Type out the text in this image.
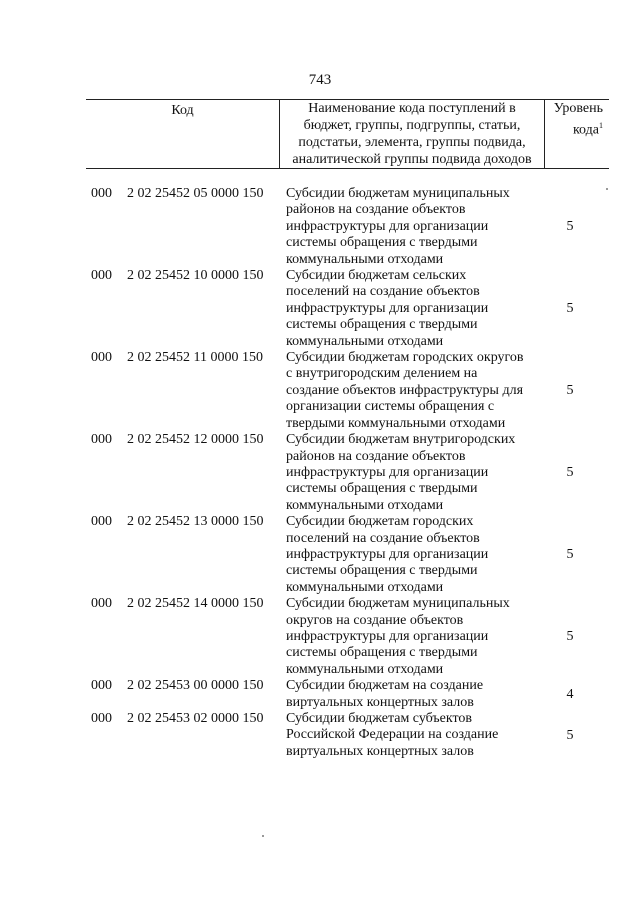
743
Код	Наименование кода поступлений в
бюджет, группы, подгруппы, статьи,
подстатьи, элемента, группы подвида,
аналитической группы подвида доходов
Уровень
кода$^1$
000 2 02 25452 05 0000 150 Субсидии бюджетам муниципальных
районов на создание объектов
инфраструктуры для организации
системы обращения с твердыми
коммунальными отходами
5
000 2 02 25452 10 0000 150 Субсидии бюджетам сельских
поселений на создание объектов
инфраструктуры для организации
системы обращения с твердыми
коммунальными отходами
5
000 2 02 25452 11 0000 150 Субсидии бюджетам городских округов
с внутригородским делением на
создание объектов инфраструктуры для
организации системы обращения с
твердыми коммунальными отходами
5
000 2 02 25452 12 0000 150 Субсидии бюджетам внутригородских
районов на создание объектов
инфраструктуры для организации
системы обращения с твердыми
коммунальными отходами
5
000 2 02 25452 13 0000 150 Субсидии бюджетам городских
поселений на создание объектов
инфраструктуры для организации
системы обращения с твердыми
коммунальными отходами
5
000 2 02 25452 14 0000 150 Субсидии бюджетам муниципальных
округов на создание объектов
инфраструктуры для организации
системы обращения с твердыми
коммунальными отходами
5
000 2 02 25453 00 0000 150 Субсидии бюджетам на создание
виртуальных концертных залов
4
000 2 02 25453 02 0000 150 Субсидии бюджетам субъектов
Российской Федерации на создание
виртуальных концертных залов
5
